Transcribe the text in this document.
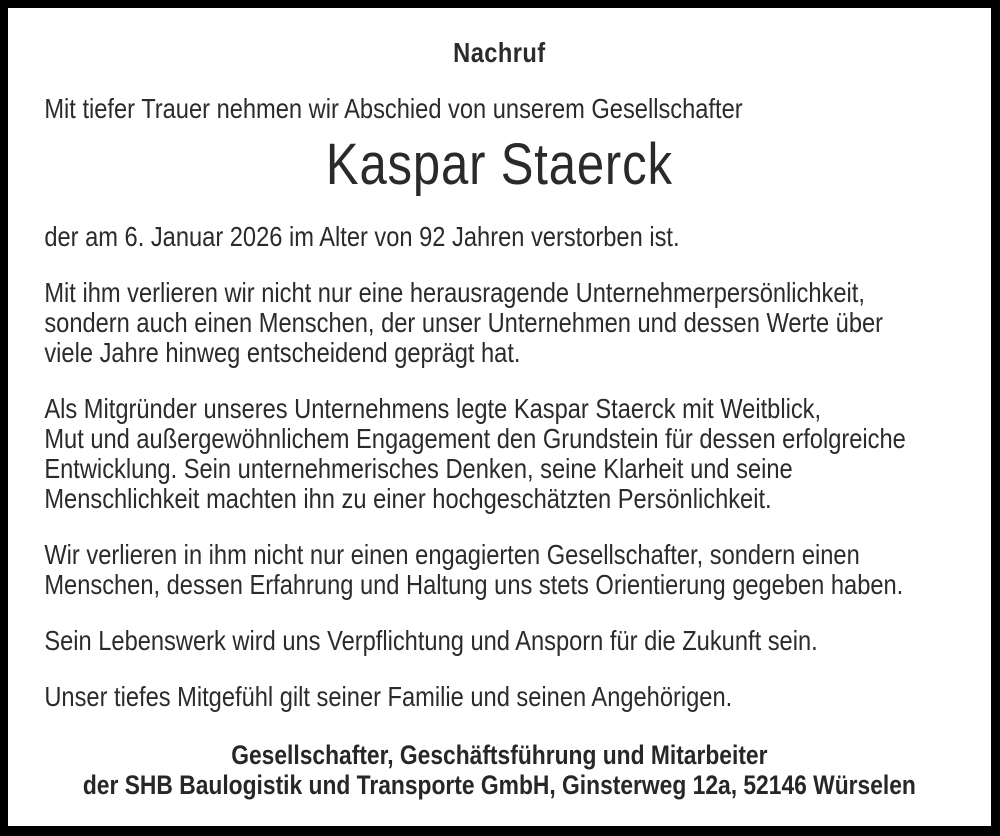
Nachruf
Mit tiefer Trauer nehmen wir Abschied von unserem Gesellschafter
Kaspar Staerck
der am 6. Januar 2026 im Alter von 92 Jahren verstorben ist.
Mit ihm verlieren wir nicht nur eine herausragende Unternehmerpersönlichkeit,
sondern auch einen Menschen, der unser Unternehmen und dessen Werte über
viele Jahre hinweg entscheidend geprägt hat.
Als Mitgründer unseres Unternehmens legte Kaspar Staerck mit Weitblick,
Mut und außergewöhnlichem Engagement den Grundstein für dessen erfolgreiche
Entwicklung. Sein unternehmerisches Denken, seine Klarheit und seine
Menschlichkeit machten ihn zu einer hochgeschätzten Persönlichkeit.
Wir verlieren in ihm nicht nur einen engagierten Gesellschafter, sondern einen
Menschen, dessen Erfahrung und Haltung uns stets Orientierung gegeben haben.
Sein Lebenswerk wird uns Verpflichtung und Ansporn für die Zukunft sein.
Unser tiefes Mitgefühl gilt seiner Familie und seinen Angehörigen.
Gesellschafter, Geschäftsführung und Mitarbeiter
der SHB Baulogistik und Transporte GmbH, Ginsterweg 12a, 52146 Würselen
